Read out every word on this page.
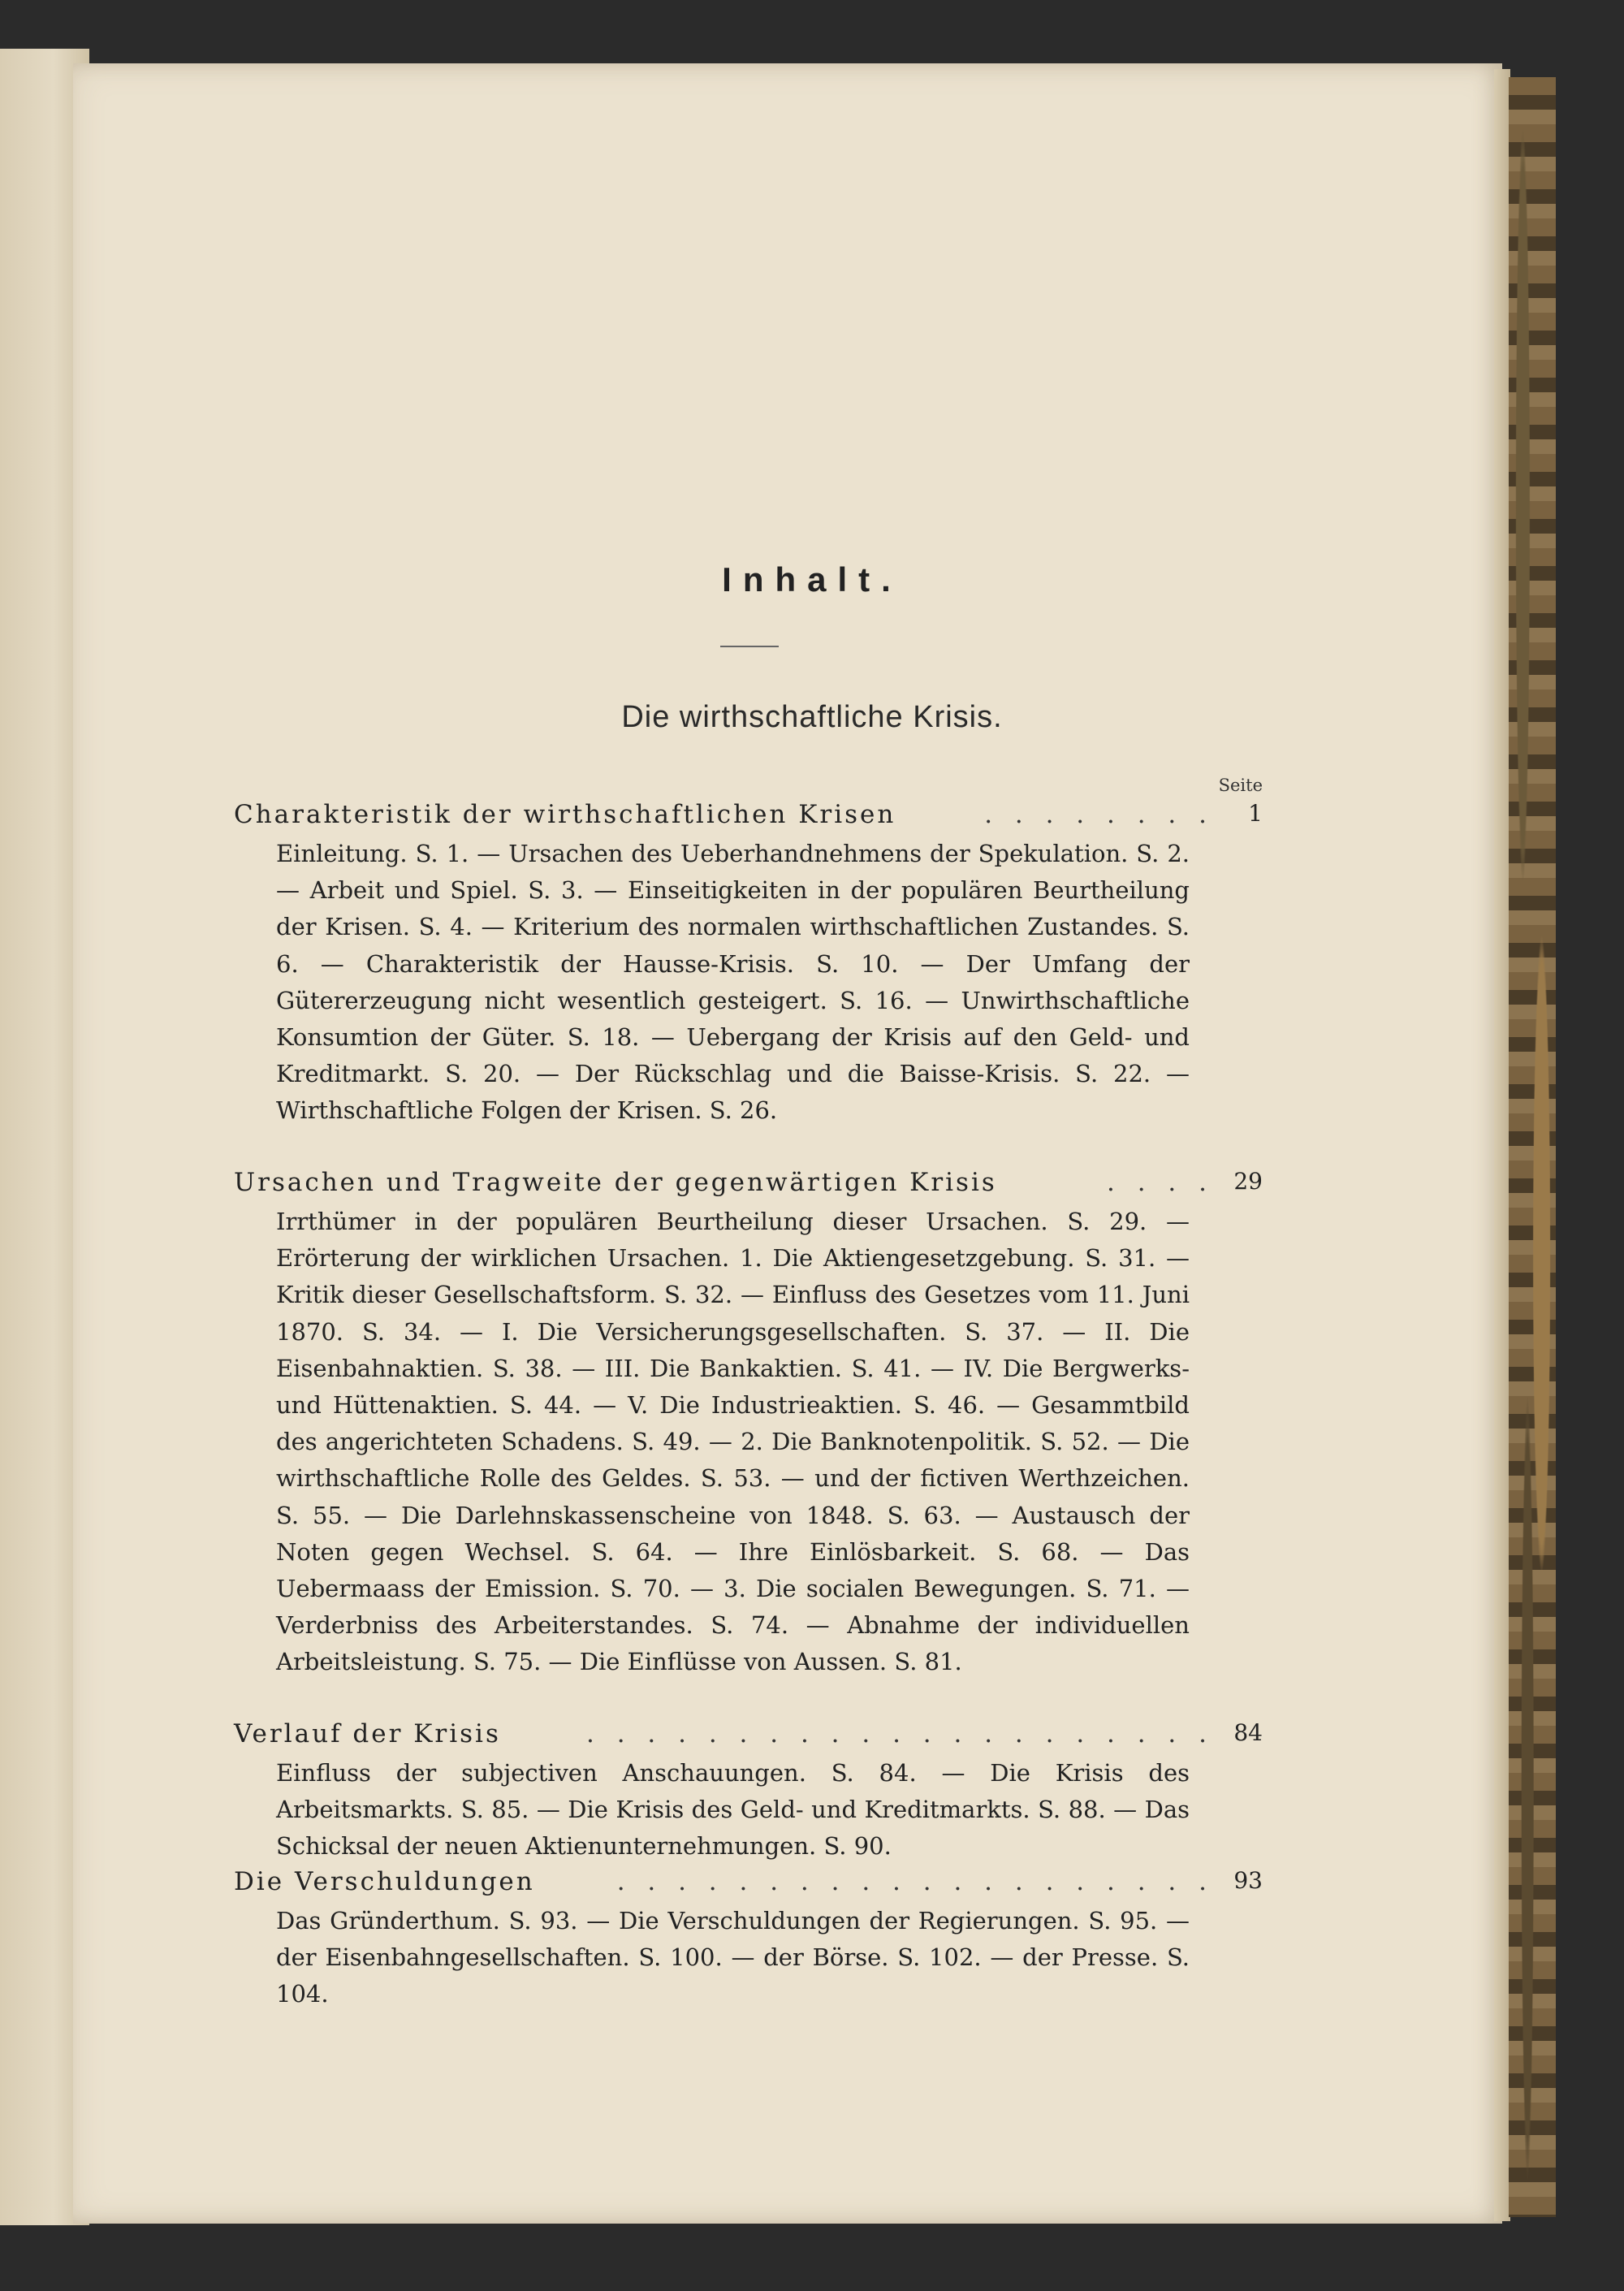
Inhalt.
Die wirthschaftliche Krisis.
Seite
Charakteristik der wirthschaftlichen Krisen	. . . . . . . . 1
Einleitung. S. 1. — Ursachen des Ueberhandnehmens der Spekulation. S. 2. — Arbeit und Spiel. S. 3. — Einseitigkeiten in der populären Beurtheilung der Krisen. S. 4. — Kriterium des normalen wirthschaftlichen Zustandes. S. 6. — Charakteristik der Hausse-Krisis. S. 10. — Der Umfang der Gütererzeugung nicht wesentlich gesteigert. S. 16. — Unwirthschaftliche Konsumtion der Güter. S. 18. — Uebergang der Krisis auf den Geld- und Kreditmarkt. S. 20. — Der Rückschlag und die Baisse-Krisis. S. 22. — Wirthschaftliche Folgen der Krisen. S. 26.
Ursachen und Tragweite der gegenwärtigen Krisis	. . . . 29
Irrthümer in der populären Beurtheilung dieser Ursachen. S. 29. — Erörterung der wirklichen Ursachen. 1. Die Aktiengesetzgebung. S. 31. — Kritik dieser Gesellschaftsform. S. 32. — Einfluss des Gesetzes vom 11. Juni 1870. S. 34. — I. Die Versicherungsgesellschaften. S. 37. — II. Die Eisenbahnaktien. S. 38. — III. Die Bankaktien. S. 41. — IV. Die Bergwerks- und Hüttenaktien. S. 44. — V. Die Industrieaktien. S. 46. — Gesammtbild des angerichteten Schadens. S. 49. — 2. Die Banknotenpolitik. S. 52. — Die wirthschaftliche Rolle des Geldes. S. 53. — und der fictiven Werthzeichen. S. 55. — Die Darlehnskassenscheine von 1848. S. 63. — Austausch der Noten gegen Wechsel. S. 64. — Ihre Einlösbarkeit. S. 68. — Das Uebermaass der Emission. S. 70. — 3. Die socialen Bewegungen. S. 71. — Verderbniss des Arbeiterstandes. S. 74. — Abnahme der individuellen Arbeitsleistung. S. 75. — Die Einflüsse von Aussen. S. 81.
Verlauf der Krisis	. . . . . . . . . . . . . . . . . . . . . 84
Einfluss der subjectiven Anschauungen. S. 84. — Die Krisis des Arbeitsmarkts. S. 85. — Die Krisis des Geld- und Kreditmarkts. S. 88. — Das Schicksal der neuen Aktienunternehmungen. S. 90.
Die Verschuldungen	. . . . . . . . . . . . . . . . . . . . 93
Das Gründerthum. S. 93. — Die Verschuldungen der Regierungen. S. 95. — der Eisenbahngesellschaften. S. 100. — der Börse. S. 102. — der Presse. S. 104.
